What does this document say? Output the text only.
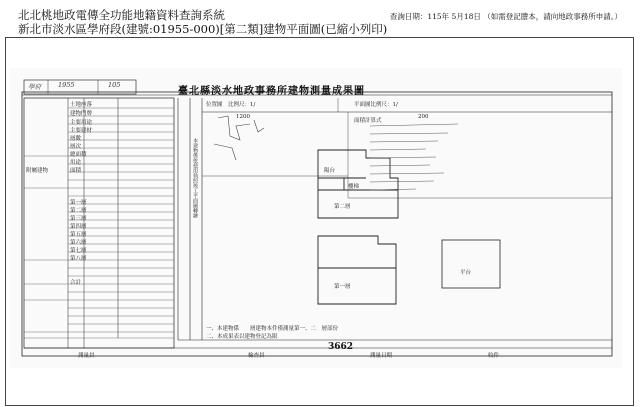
北北桃地政電傳全功能地籍資料查詢系統
新北市淡水區學府段(建號:01955-000)[第二類]建物平面圖(已縮小列印)
查詢日期：115年 5月18日 （如需登記謄本，請向地政事務所申請。）
學府	1955	105
臺北縣淡水地政事務所建物測量成果圖
本建物係依使用執照竣工平面圖轉繪
位置圖 比例尺：1/
1200
平面圖比例尺：1/
200
面積計算式
第一層
第二層
陽台
樓梯
平台
土地座落
建物門牌
主要用途
主要建材
層數
層次
總面積
附屬建物
用途
面積
第一層
第二層
第三層
第四層
第五層
第六層
第七層
第八層
合計
一、本建物係　　層建物本件僅測量第一、二　層部份
二、本成果表以建物登記為限
測量員	檢查員
3662
測量日期	收件
